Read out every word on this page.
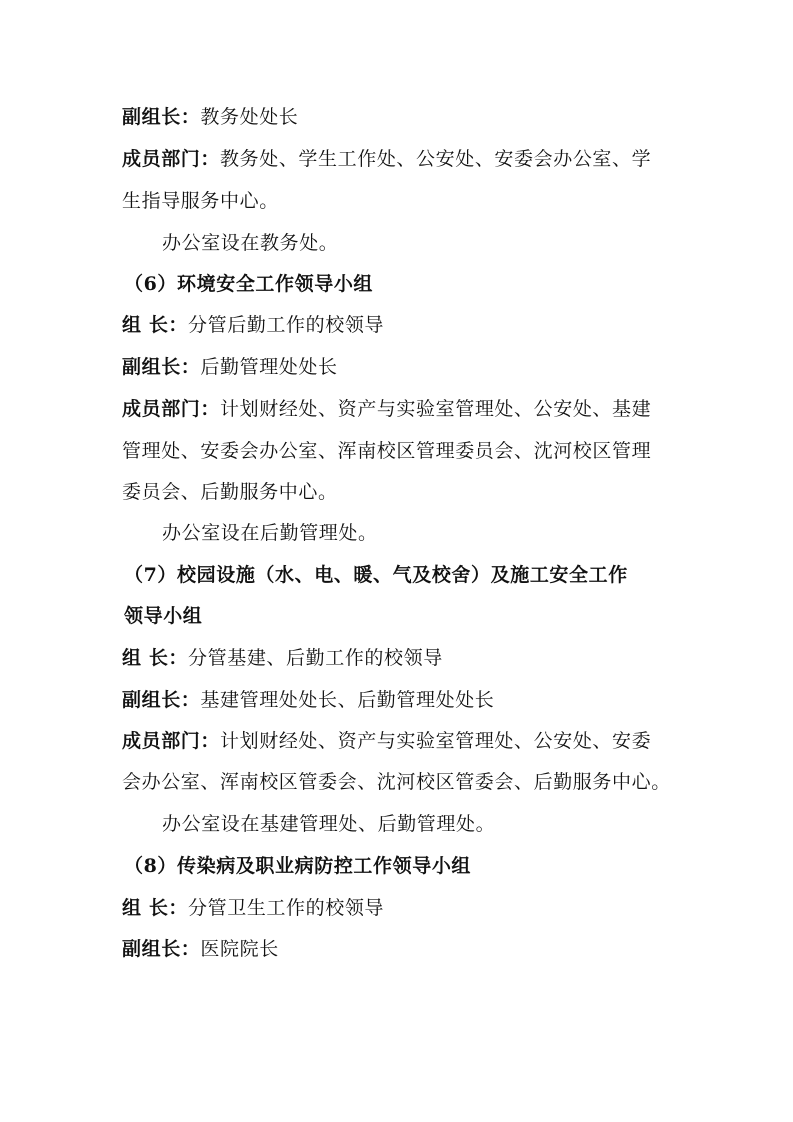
副组长：教务处处长
成员部门：教务处、学生工作处、公安处、安委会办公室、学
生指导服务中心。
办公室设在教务处。
（6）环境安全工作领导小组
组 长：分管后勤工作的校领导
副组长：后勤管理处处长
成员部门：计划财经处、资产与实验室管理处、公安处、基建
管理处、安委会办公室、浑南校区管理委员会、沈河校区管理
委员会、后勤服务中心。
办公室设在后勤管理处。
（7）校园设施（水、电、暖、气及校舍）及施工安全工作
领导小组
组 长：分管基建、后勤工作的校领导
副组长：基建管理处处长、后勤管理处处长
成员部门：计划财经处、资产与实验室管理处、公安处、安委
会办公室、浑南校区管委会、沈河校区管委会、后勤服务中心。
办公室设在基建管理处、后勤管理处。
（8）传染病及职业病防控工作领导小组
组 长：分管卫生工作的校领导
副组长：医院院长
